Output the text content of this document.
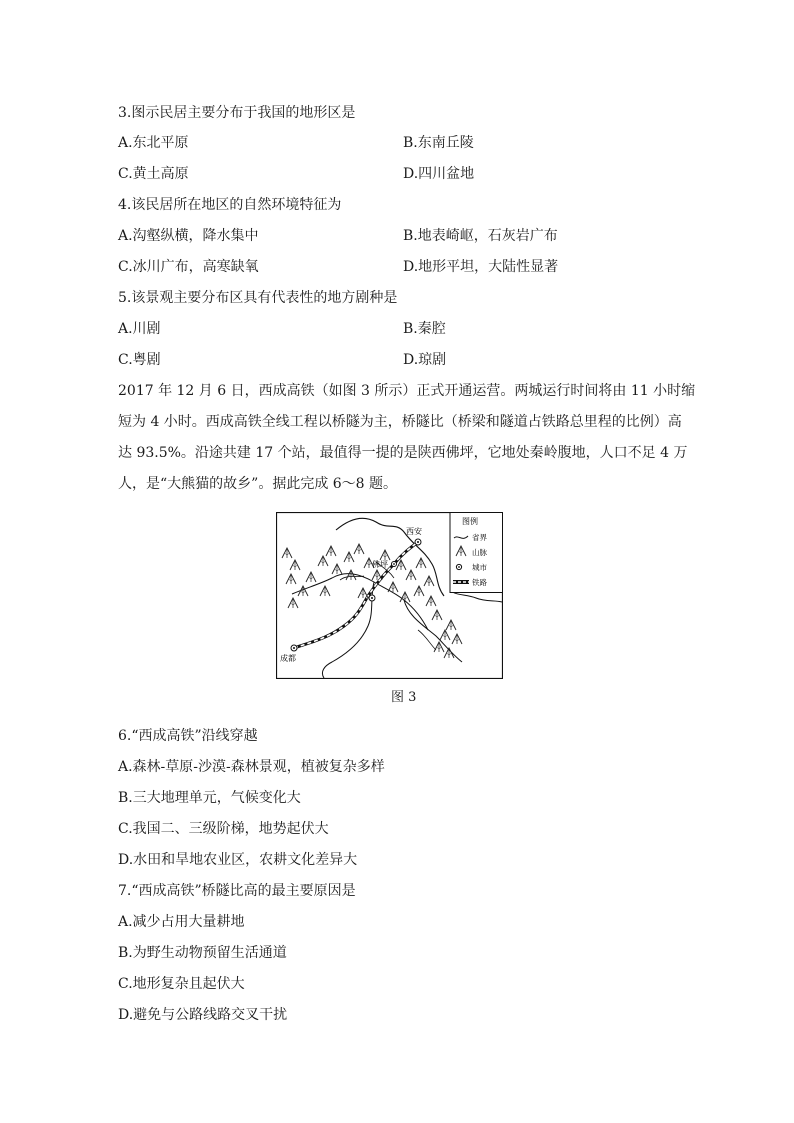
3.图示民居主要分布于我国的地形区是
A.东北平原	B.东南丘陵
C.黄土高原	D.四川盆地
4.该民居所在地区的自然环境特征为
A.沟壑纵横，降水集中	B.地表崎岖，石灰岩广布
C.冰川广布，高寒缺氧	D.地形平坦，大陆性显著
5.该景观主要分布区具有代表性的地方剧种是
A.川剧	B.秦腔
C.粤剧	D.琼剧
2017 年 12 月 6 日，西成高铁（如图 3 所示）正式开通运营。两城运行时间将由 11 小时缩
短为 4 小时。西成高铁全线工程以桥隧为主，桥隧比（桥梁和隧道占铁路总里程的比例）高
达 93.5%。沿途共建 17 个站，最值得一提的是陕西佛坪，它地处秦岭腹地，人口不足 4 万
人，是“大熊猫的故乡”。据此完成 6～8 题。
西安
佛坪
成都
图例
省界
山脉
城市
铁路
图 3
6.“西成高铁”沿线穿越
A.森林-草原-沙漠-森林景观，植被复杂多样
B.三大地理单元，气候变化大
C.我国二、三级阶梯，地势起伏大
D.水田和旱地农业区，农耕文化差异大
7.“西成高铁”桥隧比高的最主要原因是
A.减少占用大量耕地
B.为野生动物预留生活通道
C.地形复杂且起伏大
D.避免与公路线路交叉干扰
